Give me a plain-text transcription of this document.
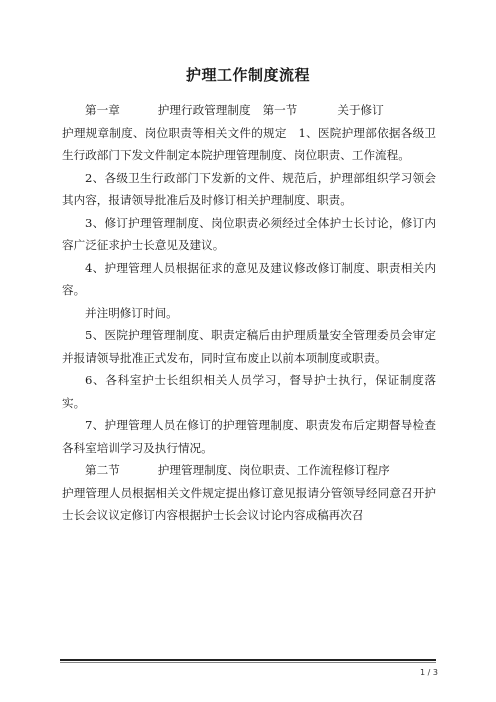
护理工作制度流程

第一章	护理行政管理制度 第一节	关于修订

护理规章制度、岗位职责等相关文件的规定　1、医院护理部依据各级卫生行政部门下发文件制定本院护理管理制度、岗位职责、工作流程。

2、各级卫生行政部门下发新的文件、规范后，护理部组织学习领会其内容，报请领导批准后及时修订相关护理制度、职责。

3、修订护理管理制度、岗位职责必须经过全体护士长讨论，修订内容广泛征求护士长意见及建议。

4、护理管理人员根据征求的意见及建议修改修订制度、职责相关内容。

并注明修订时间。

5、医院护理管理制度、职责定稿后由护理质量安全管理委员会审定并报请领导批准正式发布，同时宣布废止以前本项制度或职责。

6、各科室护士长组织相关人员学习，督导护士执行，保证制度落实。

7、护理管理人员在修订的护理管理制度、职责发布后定期督导检查各科室培训学习及执行情况。

第二节	护理管理制度、岗位职责、工作流程修订程序

护理管理人员根据相关文件规定提出修订意见报请分管领导经同意召开护士长会议议定修订内容根据护士长会议讨论内容成稿再次召

1 / 3
